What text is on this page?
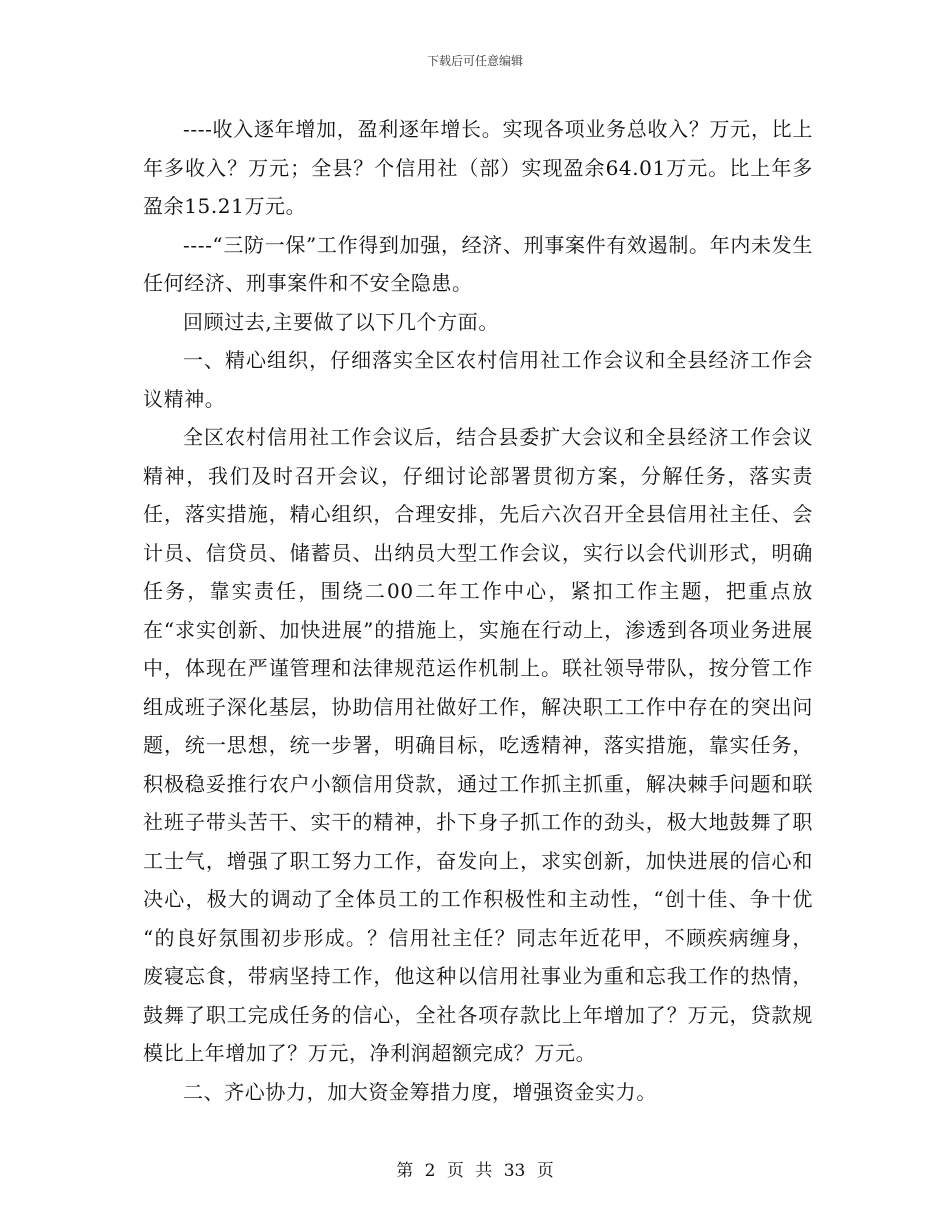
下载后可任意编辑

----收入逐年增加，盈利逐年增长。实现各项业务总收入？万元，比上年多收入？万元；全县？个信用社（部）实现盈余64.01万元。比上年多盈余15.21万元。

----“三防一保”工作得到加强，经济、刑事案件有效遏制。年内未发生任何经济、刑事案件和不安全隐患。

回顾过去,主要做了以下几个方面。

一、精心组织，仔细落实全区农村信用社工作会议和全县经济工作会议精神。

全区农村信用社工作会议后，结合县委扩大会议和全县经济工作会议精神，我们及时召开会议，仔细讨论部署贯彻方案，分解任务，落实责任，落实措施，精心组织，合理安排，先后六次召开全县信用社主任、会计员、信贷员、储蓄员、出纳员大型工作会议，实行以会代训形式，明确任务，靠实责任，围绕二00二年工作中心，紧扣工作主题，把重点放在“求实创新、加快进展”的措施上，实施在行动上，渗透到各项业务进展中，体现在严谨管理和法律规范运作机制上。联社领导带队，按分管工作组成班子深化基层，协助信用社做好工作，解决职工工作中存在的突出问题，统一思想，统一步署，明确目标，吃透精神，落实措施，靠实任务，积极稳妥推行农户小额信用贷款，通过工作抓主抓重，解决棘手问题和联社班子带头苦干、实干的精神，扑下身子抓工作的劲头，极大地鼓舞了职工士气，增强了职工努力工作，奋发向上，求实创新，加快进展的信心和决心，极大的调动了全体员工的工作积极性和主动性，“创十佳、争十优 “的良好氛围初步形成。？信用社主任？同志年近花甲，不顾疾病缠身，废寝忘食，带病坚持工作，他这种以信用社事业为重和忘我工作的热情，鼓舞了职工完成任务的信心，全社各项存款比上年增加了？万元，贷款规模比上年增加了？万元，净利润超额完成？万元。

二、齐心协力，加大资金筹措力度，增强资金实力。

第 2 页 共 33 页
